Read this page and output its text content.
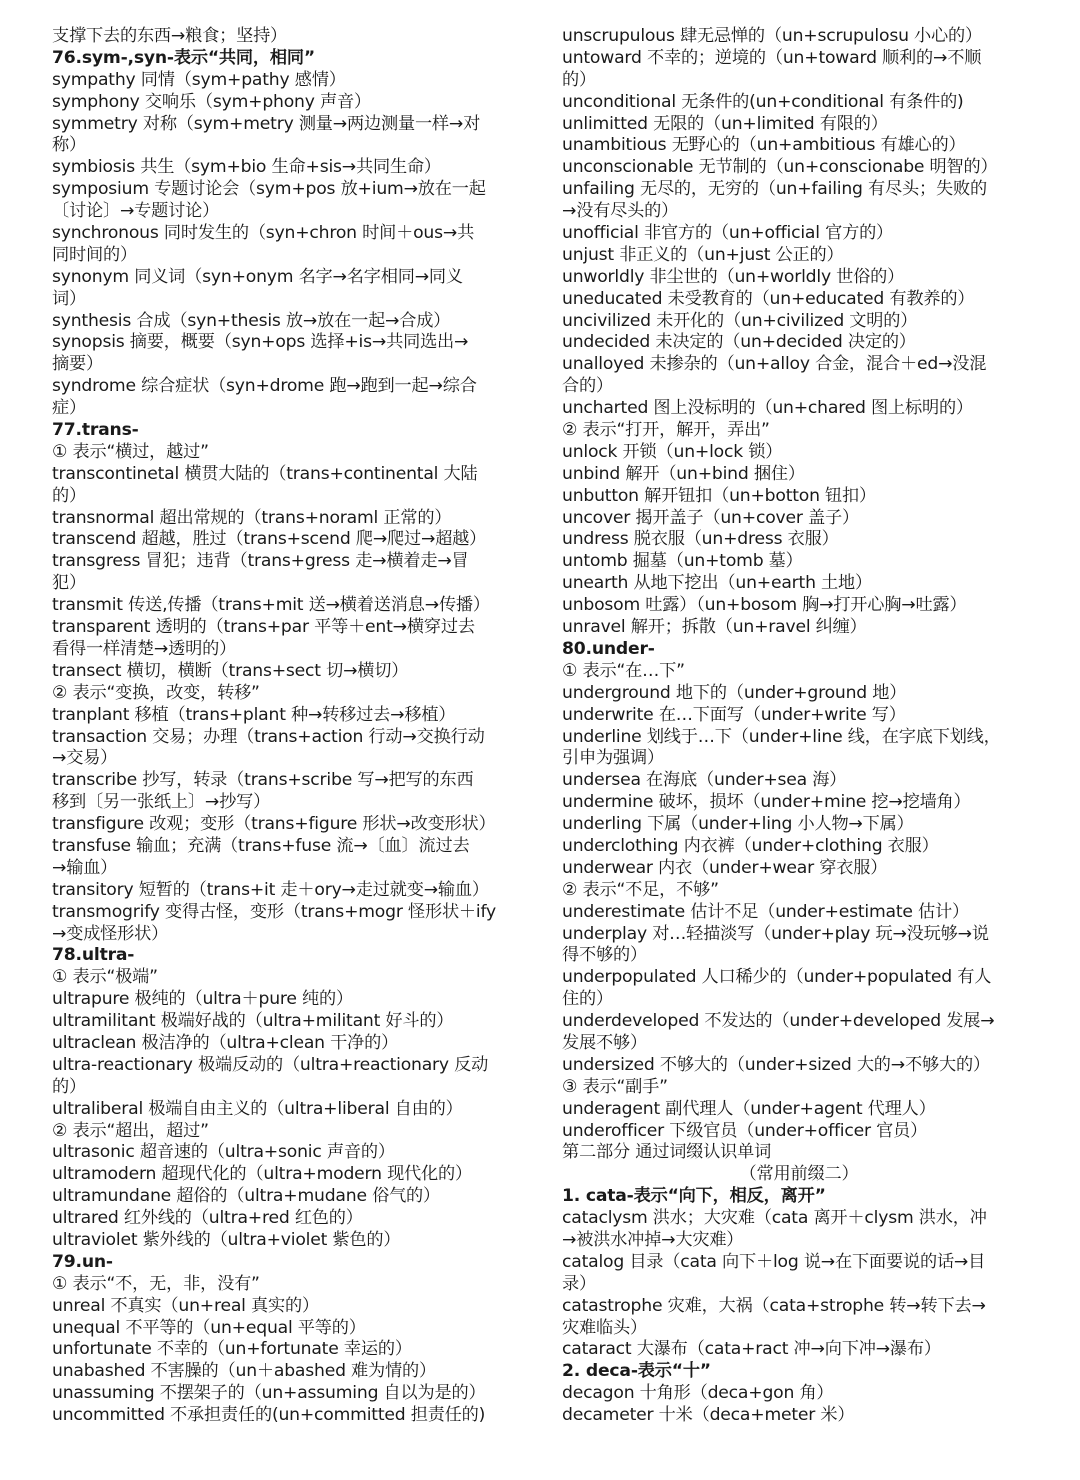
支撑下去的东西→粮食；坚持）
76.sym-,syn-表示“共同，相同”
sympathy 同情（sym+pathy 感情）
symphony 交响乐（sym+phony 声音）
symmetry 对称（sym+metry 测量→两边测量一样→对
称）
symbiosis 共生（sym+bio 生命+sis→共同生命）
symposium 专题讨论会（sym+pos 放+ium→放在一起
〔讨论〕→专题讨论）
synchronous 同时发生的（syn+chron 时间＋ous→共
同时间的）
synonym 同义词（syn+onym 名字→名字相同→同义
词）
synthesis 合成（syn+thesis 放→放在一起→合成）
synopsis 摘要，概要（syn+ops 选择+is→共同选出→
摘要）
syndrome 综合症状（syn+drome 跑→跑到一起→综合
症）
77.trans-
① 表示“横过，越过”
transcontinetal 横贯大陆的（trans+continental 大陆
的）
transnormal 超出常规的（trans+noraml 正常的）
transcend 超越，胜过（trans+scend 爬→爬过→超越）
transgress 冒犯；违背（trans+gress 走→横着走→冒
犯）
transmit 传送,传播（trans+mit 送→横着送消息→传播）
transparent 透明的（trans+par 平等＋ent→横穿过去
看得一样清楚→透明的）
transect 横切，横断（trans+sect 切→横切）
② 表示“变换，改变，转移”
tranplant 移植（trans+plant 种→转移过去→移植）
transaction 交易；办理（trans+action 行动→交换行动
→交易）
transcribe 抄写，转录（trans+scribe 写→把写的东西
移到〔另一张纸上〕→抄写）
transfigure 改观；变形（trans+figure 形状→改变形状）
transfuse 输血；充满（trans+fuse 流→〔血〕流过去
→输血）
transitory 短暂的（trans+it 走＋ory→走过就变→输血）
transmogrify 变得古怪，变形（trans+mogr 怪形状＋ify
→变成怪形状）
78.ultra-
① 表示“极端”
ultrapure 极纯的（ultra＋pure 纯的）
ultramilitant 极端好战的（ultra+militant 好斗的）
ultraclean 极洁净的（ultra+clean 干净的）
ultra-reactionary 极端反动的（ultra+reactionary 反动
的）
ultraliberal 极端自由主义的（ultra+liberal 自由的）
② 表示“超出，超过”
ultrasonic 超音速的（ultra+sonic 声音的）
ultramodern 超现代化的（ultra+modern 现代化的）
ultramundane 超俗的（ultra+mudane 俗气的）
ultrared 红外线的（ultra+red 红色的）
ultraviolet 紫外线的（ultra+violet 紫色的）
79.un-
① 表示“不，无，非，没有”
unreal 不真实（un+real 真实的）
unequal 不平等的（un+equal 平等的）
unfortunate 不幸的（un+fortunate 幸运的）
unabashed 不害臊的（un＋abashed 难为情的）
unassuming 不摆架子的（un+assuming 自以为是的）
uncommitted 不承担责任的(un+committed 担责任的)
unscrupulous 肆无忌惮的（un+scrupulosu 小心的）
untoward 不幸的；逆境的（un+toward 顺利的→不顺
的）
unconditional 无条件的(un+conditional 有条件的)
unlimitted 无限的（un+limited 有限的）
unambitious 无野心的（un+ambitious 有雄心的）
unconscionable 无节制的（un+conscionabe 明智的）
unfailing 无尽的，无穷的（un+failing 有尽头；失败的
→没有尽头的）
unofficial 非官方的（un+official 官方的）
unjust 非正义的（un+just 公正的）
unworldly 非尘世的（un+worldly 世俗的）
uneducated 未受教育的（un+educated 有教养的）
uncivilized 未开化的（un+civilized 文明的）
undecided 未决定的（un+decided 决定的）
unalloyed 未掺杂的（un+alloy 合金，混合＋ed→没混
合的）
uncharted 图上没标明的（un+chared 图上标明的）
② 表示“打开，解开，弄出”
unlock 开锁（un+lock 锁）
unbind 解开（un+bind 捆住）
unbutton 解开钮扣（un+botton 钮扣）
uncover 揭开盖子（un+cover 盖子）
undress 脱衣服（un+dress 衣服）
untomb 掘墓（un+tomb 墓）
unearth 从地下挖出（un+earth 土地）
unbosom 吐露）（un+bosom 胸→打开心胸→吐露）
unravel 解开；拆散（un+ravel 纠缠）
80.under-
① 表示“在…下”
underground 地下的（under+ground 地）
underwrite 在…下面写（under+write 写）
underline 划线于…下（under+line 线，在字底下划线，
引申为强调）
undersea 在海底（under+sea 海）
undermine 破坏，损坏（under+mine 挖→挖墙角）
underling 下属（under+ling 小人物→下属）
underclothing 内衣裤（under+clothing 衣服）
underwear 内衣（under+wear 穿衣服）
② 表示“不足，不够”
underestimate 估计不足（under+estimate 估计）
underplay 对…轻描淡写（under+play 玩→没玩够→说
得不够的）
underpopulated 人口稀少的（under+populated 有人
住的）
underdeveloped 不发达的（under+developed 发展→
发展不够）
undersized 不够大的（under+sized 大的→不够大的）
③ 表示“副手”
underagent 副代理人（under+agent 代理人）
underofficer 下级官员（under+officer 官员）
第二部分 通过词缀认识单词
（常用前缀二）
1. cata-表示“向下，相反，离开”
cataclysm 洪水；大灾难（cata 离开＋clysm 洪水，冲
→被洪水冲掉→大灾难）
catalog 目录（cata 向下＋log 说→在下面要说的话→目
录）
catastrophe 灾难，大祸（cata+strophe 转→转下去→
灾难临头）
cataract 大瀑布（cata+ract 冲→向下冲→瀑布）
2. deca-表示“十”
decagon 十角形（deca+gon 角）
decameter 十米（deca+meter 米）
